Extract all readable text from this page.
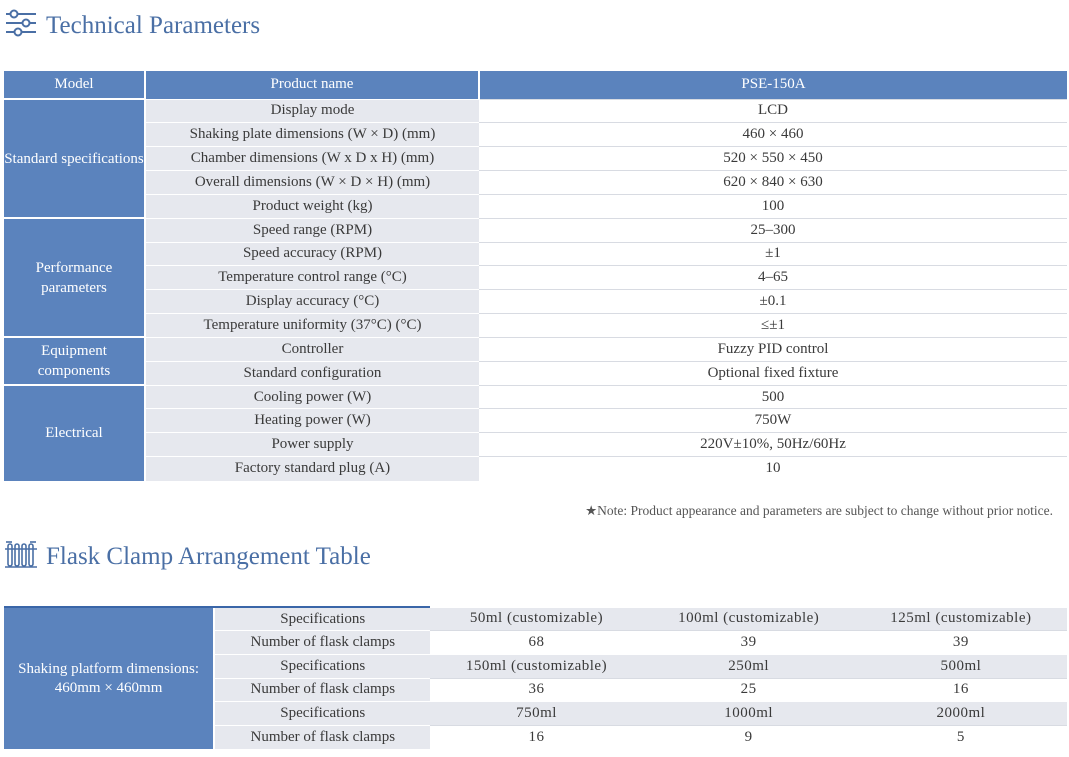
Technical Parameters
Model	Product name	PSE-150A
Standard specifications	Display mode	LCD
	Shaking plate dimensions (W × D) (mm)	460 × 460
	Chamber dimensions (W x D x H) (mm)	520 × 550 × 450
	Overall dimensions (W × D × H) (mm)	620 × 840 × 630
	Product weight (kg)	100
Performance parameters	Speed range (RPM)	25–300
	Speed accuracy (RPM)	±1
	Temperature control range (°C)	4–65
	Display accuracy (°C)	±0.1
	Temperature uniformity (37°C) (°C)	≤±1
Equipment components	Controller	Fuzzy PID control
	Standard configuration	Optional fixed fixture
Electrical	Cooling power (W)	500
	Heating power (W)	750W
	Power supply	220V±10%, 50Hz/60Hz
	Factory standard plug (A)	10
★Note: Product appearance and parameters are subject to change without prior notice.
Flask Clamp Arrangement Table
Shaking platform dimensions: 460mm × 460mm	Specifications	50ml (customizable)	100ml (customizable)	125ml (customizable)
	Number of flask clamps	68	39	39
	Specifications	150ml (customizable)	250ml	500ml
	Number of flask clamps	36	25	16
	Specifications	750ml	1000ml	2000ml
	Number of flask clamps	16	9	5
